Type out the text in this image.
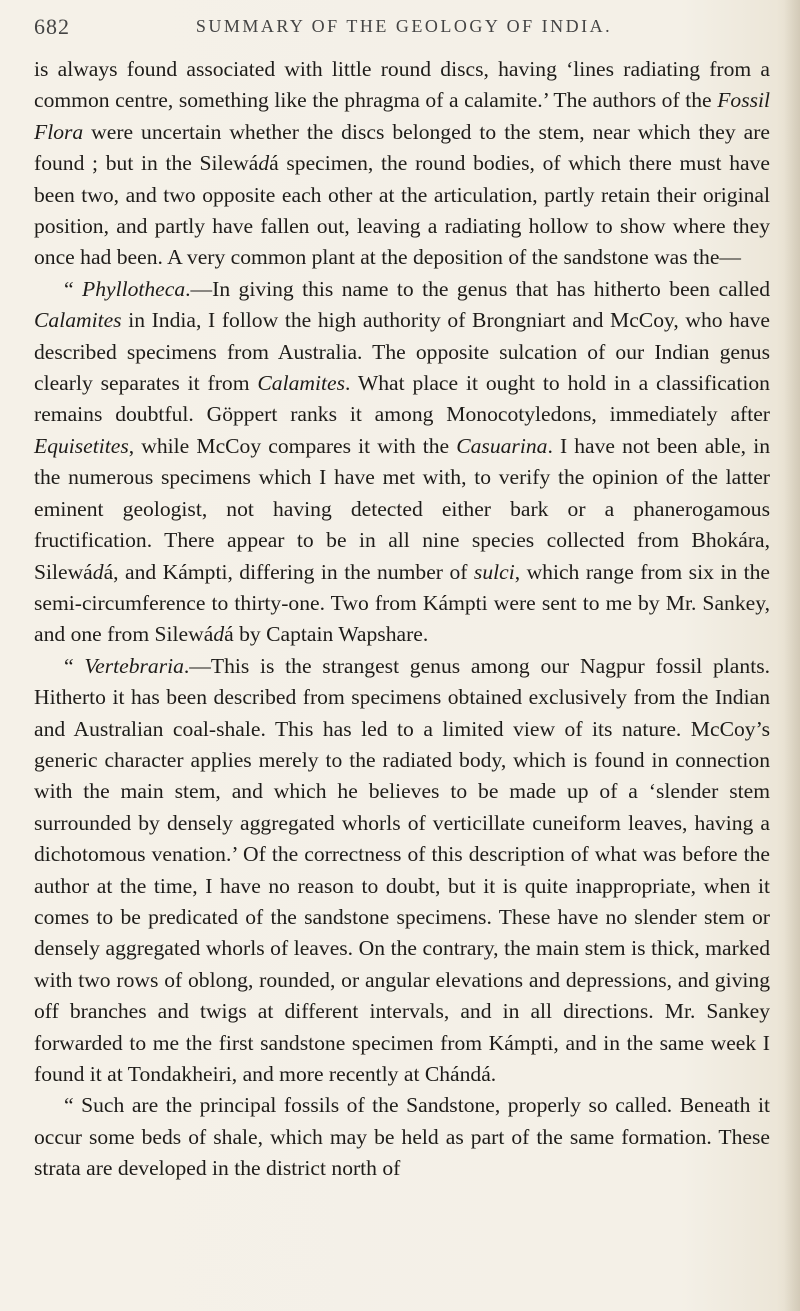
682	SUMMARY OF THE GEOLOGY OF INDIA.

is always found associated with little round discs, having ‘lines radiating from a common centre, something like the phragma of a calamite.’ The authors of the Fossil Flora were uncertain whether the discs belonged to the stem, near which they are found ; but in the Silewádá specimen, the round bodies, of which there must have been two, and two opposite each other at the articulation, partly retain their original position, and partly have fallen out, leaving a radiating hollow to show where they once had been. A very common plant at the deposition of the sandstone was the—

“ Phyllotheca.—In giving this name to the genus that has hitherto been called Calamites in India, I follow the high authority of Brongniart and McCoy, who have described specimens from Australia. The opposite sulcation of our Indian genus clearly separates it from Calamites. What place it ought to hold in a classification remains doubtful. Göppert ranks it among Monocotyledons, immediately after Equisetites, while McCoy compares it with the Casuarina. I have not been able, in the numerous specimens which I have met with, to verify the opinion of the latter eminent geologist, not having detected either bark or a phanerogamous fructification. There appear to be in all nine species collected from Bhokára, Silewádá, and Kámpti, differing in the number of sulci, which range from six in the semi-circumference to thirty-one. Two from Kámpti were sent to me by Mr. Sankey, and one from Silewádá by Captain Wapshare.

“ Vertebraria.—This is the strangest genus among our Nagpur fossil plants. Hitherto it has been described from specimens obtained exclusively from the Indian and Australian coal-shale. This has led to a limited view of its nature. McCoy’s generic character applies merely to the radiated body, which is found in connection with the main stem, and which he believes to be made up of a ‘slender stem surrounded by densely aggregated whorls of verticillate cuneiform leaves, having a dichotomous venation.’ Of the correctness of this description of what was before the author at the time, I have no reason to doubt, but it is quite inappropriate, when it comes to be predicated of the sandstone specimens. These have no slender stem or densely aggregated whorls of leaves. On the contrary, the main stem is thick, marked with two rows of oblong, rounded, or angular elevations and depressions, and giving off branches and twigs at different intervals, and in all directions. Mr. Sankey forwarded to me the first sandstone specimen from Kámpti, and in the same week I found it at Tondakheiri, and more recently at Chándá.

“ Such are the principal fossils of the Sandstone, properly so called. Beneath it occur some beds of shale, which may be held as part of the same formation. These strata are developed in the district north of
